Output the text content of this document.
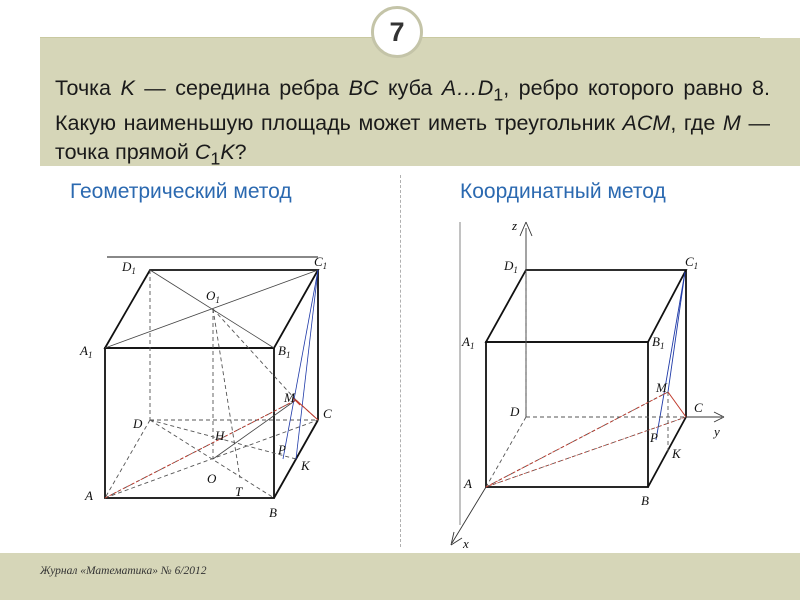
7
Точка K — середина ребра BC куба $A\dots D_1$, ребро которого равно 8. Какую наименьшую площадь может иметь треугольник ACM, где M — точка прямой $C_1K$?
Геометрический метод	Координатный метод
$D_1$
$C_1$
$O_1$
$A_1$	$B_1$
M
D
C
H
P
K
O
T
A
B
z
y
x
$D_1$
$C_1$
$A_1$	$B_1$
M
D	C
P
K
A
B
Журнал «Математика» № 6/2012
